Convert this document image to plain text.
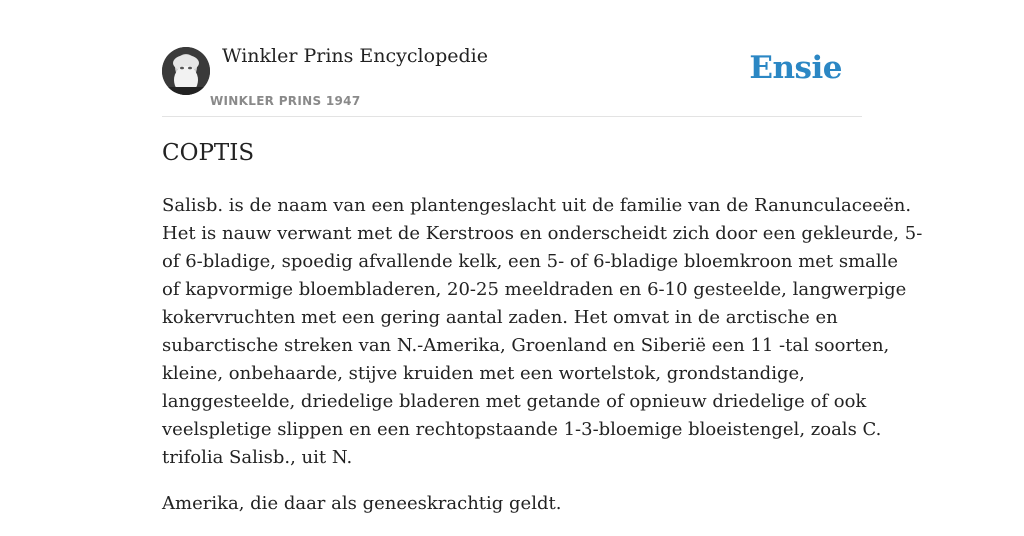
Winkler Prins Encyclopedie
WINKLER PRINS 1947
Ensie
COPTIS

Salisb. is de naam van een plantengeslacht uit de familie van de Ranunculaceeën.
Het is nauw verwant met de Kerstroos en onderscheidt zich door een gekleurde, 5-
of 6-bladige, spoedig afvallende kelk, een 5- of 6-bladige bloemkroon met smalle
of kapvormige bloembladeren, 20-25 meeldraden en 6-10 gesteelde, langwerpige
kokervruchten met een gering aantal zaden. Het omvat in de arctische en
subarctische streken van N.-Amerika, Groenland en Siberië een 11 -tal soorten,
kleine, onbehaarde, stijve kruiden met een wortelstok, grondstandige,
langgesteelde, driedelige bladeren met getande of opnieuw driedelige of ook
veelspletige slippen en een rechtopstaande 1-3-bloemige bloeistengel, zoals C.
trifolia Salisb., uit N.

Amerika, die daar als geneeskrachtig geldt.
